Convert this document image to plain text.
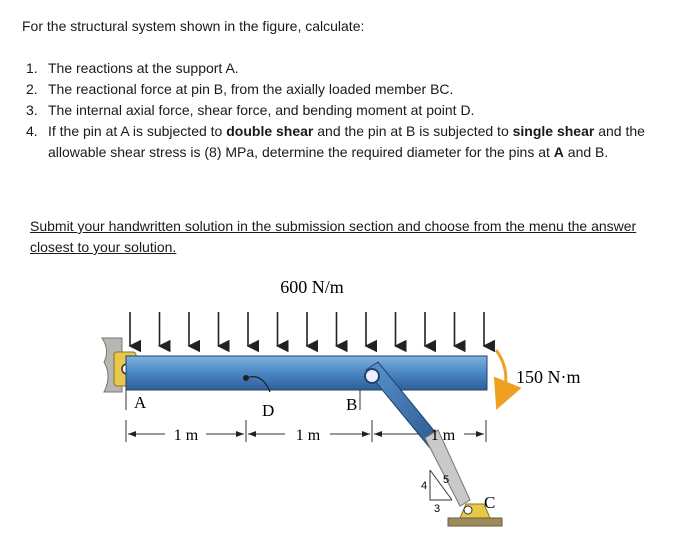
For the structural system shown in the figure, calculate:
1. The reactions at the support A.
2. The reactional force at pin B, from the axially loaded member BC.
3. The internal axial force, shear force, and bending moment at point D.
4. If the pin at A is subjected to double shear and the pin at B is subjected to single shear and the allowable shear stress is (8) MPa, determine the required diameter for the pins at A and B.
Submit your handwritten solution in the submission section and choose from the menu the answer closest to your solution.
600 N/m
4 5
3
A	D	B
C
1 m	1 m	1 m
150 N·m
